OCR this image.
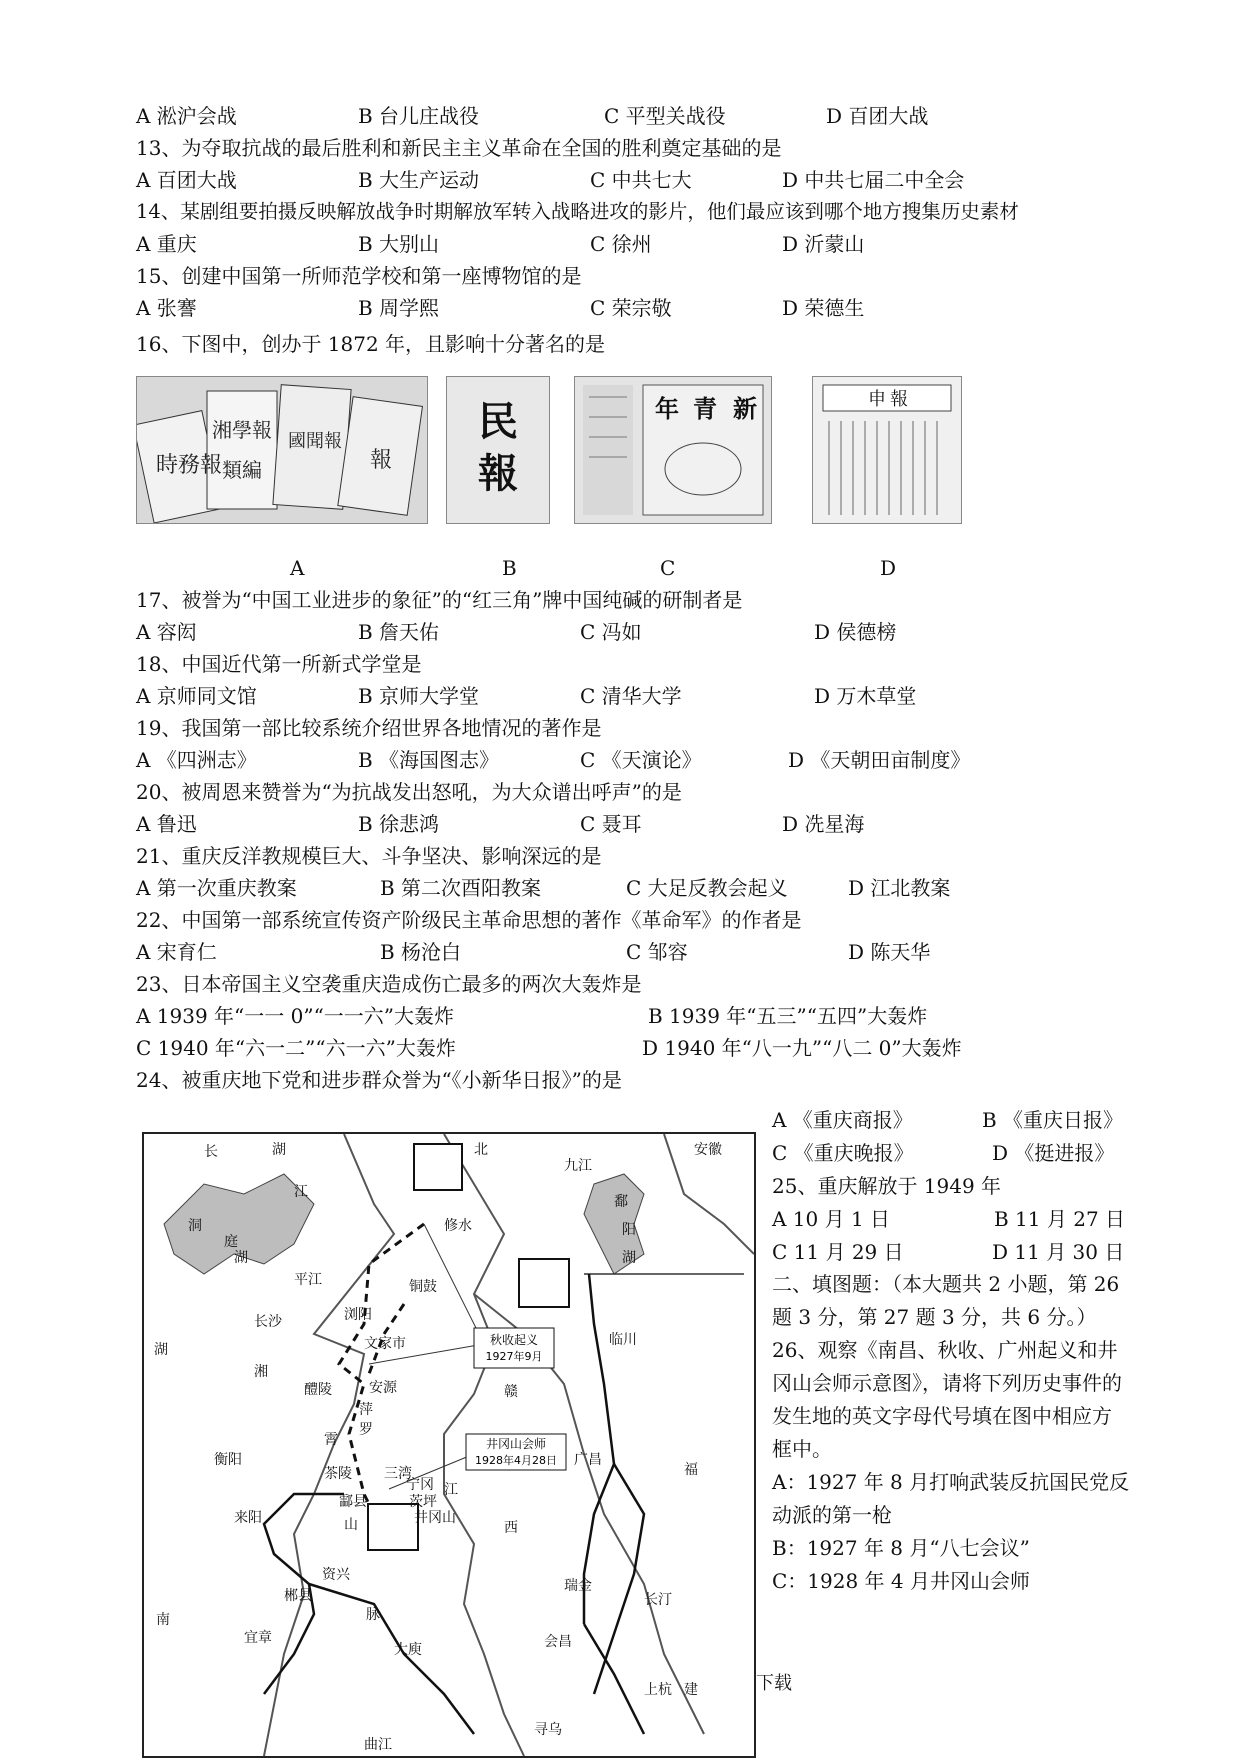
A 淞沪会战	B 台儿庄战役	C 平型关战役	D 百团大战
13、为夺取抗战的最后胜利和新民主主义革命在全国的胜利奠定基础的是
A 百团大战	B 大生产运动	C 中共七大	D 中共七届二中全会
14、某剧组要拍摄反映解放战争时期解放军转入战略进攻的影片，他们最应该到哪个地方搜集历史素材
A 重庆	B 大别山	C 徐州	D 沂蒙山
15、创建中国第一所师范学校和第一座博物馆的是
A 张謇	B 周学熙	C 荣宗敬	D 荣德生
16、下图中，创办于 1872 年，且影响十分著名的是
時務報
湘學報
類編
國聞報
報
民
報
新
青
年	申 報
A	B	C	D
17、被誉为“中国工业进步的象征”的“红三角”牌中国纯碱的研制者是
A 容闳	B 詹天佑	C 冯如	D 侯德榜
18、中国近代第一所新式学堂是
A 京师同文馆	B 京师大学堂	C 清华大学	D 万木草堂
19、我国第一部比较系统介绍世界各地情况的著作是
A 《四洲志》	B 《海国图志》	C 《天演论》	D 《天朝田亩制度》
20、被周恩来赞誉为“为抗战发出怒吼，为大众谱出呼声”的是
A 鲁迅	B 徐悲鸿	C 聂耳	D 冼星海
21、重庆反洋教规模巨大、斗争坚决、影响深远的是
A 第一次重庆教案	B 第二次酉阳教案	C 大足反教会起义	D 江北教案
22、中国第一部系统宣传资产阶级民主革命思想的著作《革命军》的作者是
A 宋育仁	B 杨沧白	C 邹容	D 陈天华
23、日本帝国主义空袭重庆造成伤亡最多的两次大轰炸是
A 1939 年“一一 0”“一一六”大轰炸	B 1939 年“五三”“五四”大轰炸
C 1940 年“六一二”“六一六”大轰炸	D 1940 年“八一九”“八二 0”大轰炸
24、被重庆地下党和进步群众誉为“《小新华日报》”的是
A 《重庆商报》	B 《重庆日报》
C 《重庆晚报》	D 《挺进报》
25、重庆解放于 1949 年
A 10 月 1 日	B 11 月 27 日
C 11 月 29 日	D 11 月 30 日
二、填图题：（本大题共 2 小题，第 26 题 3 分，第 27 题 3 分，共 6 分。）
26、观察《南昌、秋收、广州起义和井冈山会师示意图》，请将下列历史事件的发生地的英文字母代号填在图中相应方框中。
A：1927 年 8 月打响武装反抗国民党反动派的第一枪
B：1927 年 8 月“八七会议”
C：1928 年 4 月井冈山会师
下载
秋收起义
1927年9月
井冈山会师
1928年4月28日
长	湖
江
北
九江
安徽
鄱
阳
湖
洞
庭
湖
修水
平江	铜鼓
浏阳
长沙
文家市
湘
湖
醴陵	安源
萍
罗
临川
赣
衡阳
茶陵 三湾
宁冈
茨坪
酃县
井冈山
江
霄
广昌
福
来阳	山	西
瑞金
长汀
资兴
郴县
脉
宜章
大庾	会昌
上杭 建
寻乌
曲江
南
